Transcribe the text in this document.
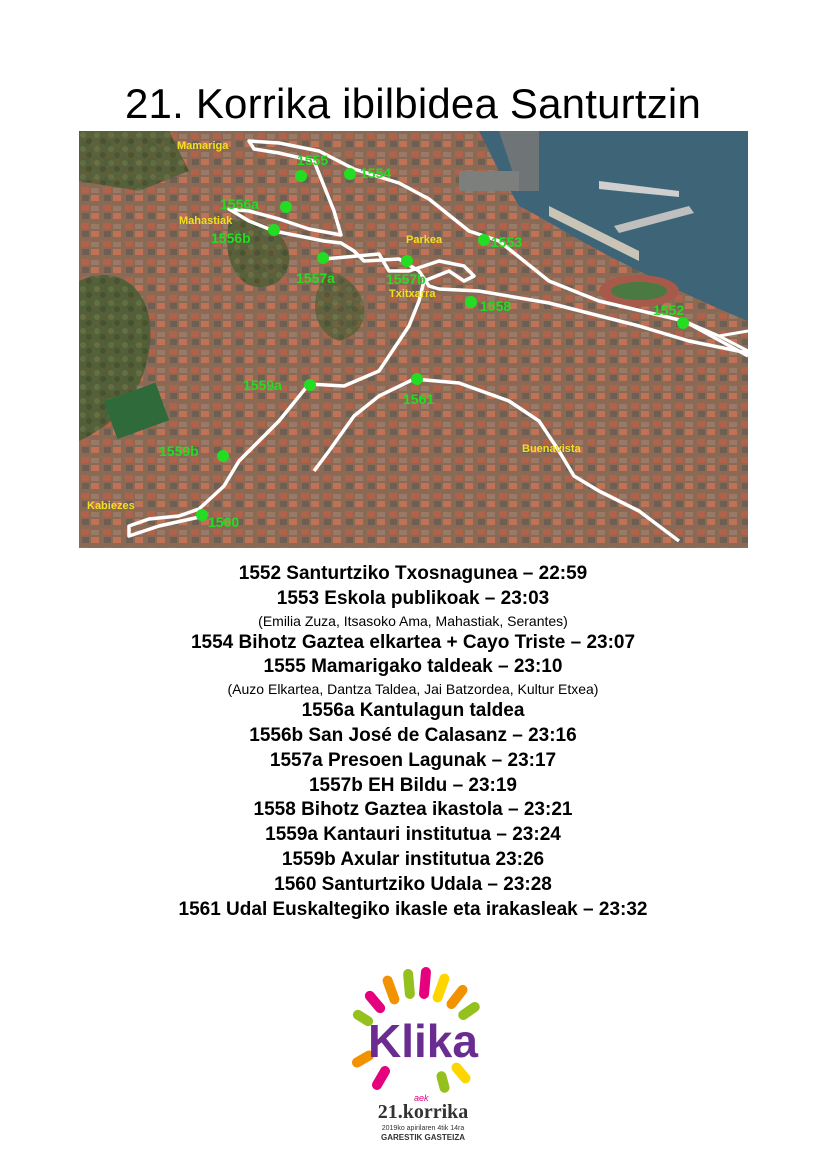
21. Korrika ibilbidea Santurtzin
Mamariga
Mahastiak
Parkea
Txitxarra
Buenavista
Kabiezes
1552
1553
1554
1555
1556a
1556b
1557a	1557b
1558
1559a
1559b
1560
1561

1552 Santurtziko Txosnagunea – 22:59

1553 Eskola publikoak – 23:03

(Emilia Zuza, Itsasoko Ama, Mahastiak, Serantes)

1554 Bihotz Gaztea elkartea + Cayo Triste – 23:07

1555 Mamarigako taldeak – 23:10

(Auzo Elkartea, Dantza Taldea, Jai Batzordea, Kultur Etxea)

1556a Kantulagun taldea

1556b San José de Calasanz – 23:16

1557a Presoen Lagunak – 23:17

1557b EH Bildu – 23:19

1558 Bihotz Gaztea ikastola – 23:21

1559a Kantauri institutua – 23:24

1559b Axular institutua 23:26

1560 Santurtziko Udala – 23:28

1561 Udal Euskaltegiko ikasle eta irakasleak – 23:32

Klika
aek
21.korrika
2019ko apirilaren 4tik 14ra
GARESTIK GASTEIZA
